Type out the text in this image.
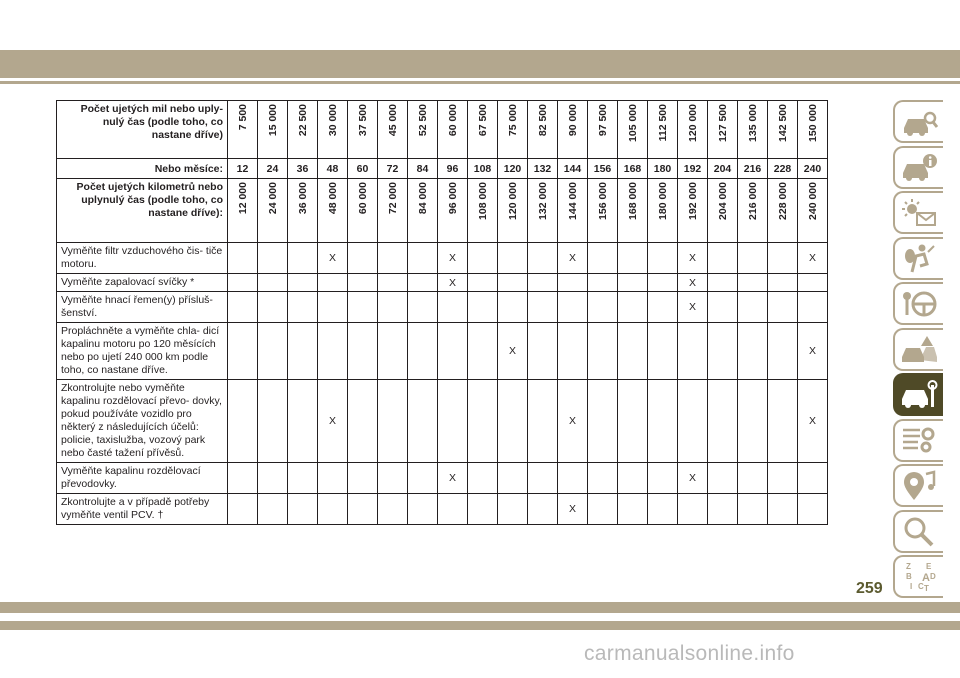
Počet ujetých mil nebo uply- nulý čas (podle toho, co nastane dříve)	7 500	15 000	22 500	30 000	37 500	45 000	52 500	60 000	67 500	75 000	82 500	90 000	97 500	105 000	112 500	120 000	127 500	135 000	142 500	150 000

Nebo měsíce:	12	24	36	48	60	72	84	96	108	120	132	144	156	168	180	192	204	216	228	240
Počet ujetých kilometrů nebo uplynulý čas (podle toho, co nastane dříve):	12 000	24 000	36 000	48 000	60 000	72 000	84 000	96 000	108 000	120 000	132 000	144 000	156 000	168 000	180 000	192 000	204 000	216 000	228 000	240 000

Vyměňte filtr vzduchového čis- tiče motoru.				X				X				X				X				X
Vyměňte zapalovací svíčky *								X								X				
Vyměňte hnací řemen(y) přísluš- šenství.																X				
Propláchněte a vyměňte chla- dicí kapalinu motoru po 120 měsících nebo po ujetí 240 000 km podle toho, co nastane dříve.										X										X
Zkontrolujte nebo vyměňte kapalinu rozdělovací převo- dovky, pokud používáte vozidlo pro některý z následujících účelů: policie, taxislužba, vozový park nebo časté tažení přívěsů.				X								X								X
Vyměňte kapalinu rozdělovací převodovky.								X								X				
Zkontrolujte a v případě potřeby vyměňte ventil PCV. †												X								
Z E
B A D
I C T
259
carmanualsonline.info
